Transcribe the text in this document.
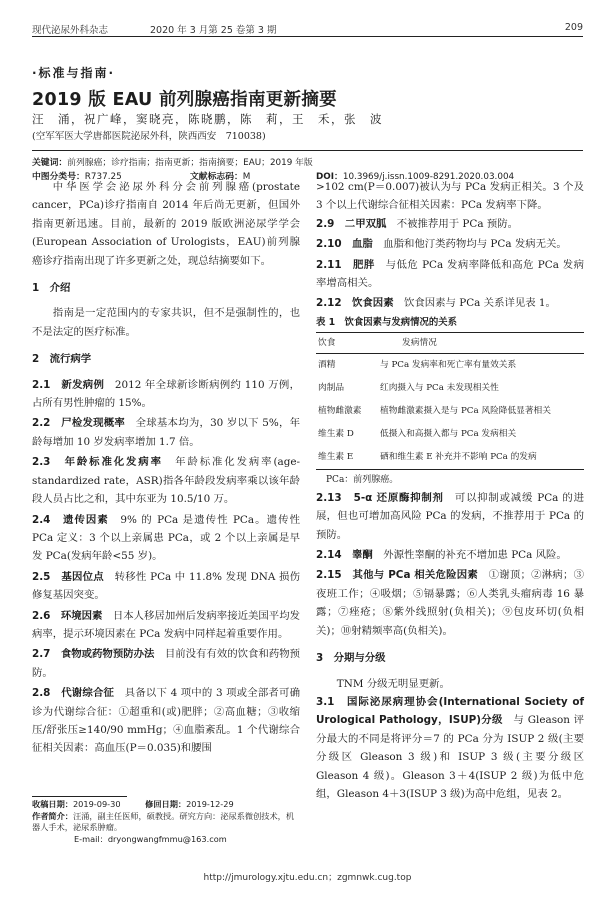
现代泌尿外科杂志	2020 年 3 月第 25 卷第 3 期	209
·标准与指南·
2019 版 EAU 前列腺癌指南更新摘要
汪　涌，祝广峰，窦晓亮，陈晓鹏，陈　莉，王　禾，张　波
(空军军医大学唐都医院泌尿外科，陕西西安　710038)
关键词：前列腺癌；诊疗指南；指南更新；指南摘要；EAU；2019 年版
中图分类号：R737.25	文献标志码：M	DOI：10.3969/j.issn.1009-8291.2020.03.004

中华医学会泌尿外科分会前列腺癌(prostate cancer，PCa)诊疗指南自 2014 年后尚无更新，但国外指南更新迅速。目前，最新的 2019 版欧洲泌尿学学会(European Association of Urologists，EAU)前列腺癌诊疗指南出现了许多更新之处，现总结摘要如下。

1　介绍

指南是一定范围内的专家共识，但不是强制性的，也不是法定的医疗标准。

2　流行病学

2.1　新发病例　2012 年全球新诊断病例约 110 万例，占所有男性肿瘤的 15%。

2.2　尸检发现概率　全球基本均为，30 岁以下 5%，年龄每增加 10 岁发病率增加 1.7 倍。

2.3　年龄标准化发病率　年龄标准化发病率(age-standardized rate，ASR)指各年龄段发病率乘以该年龄段人员占比之和，其中东亚为 10.5/10 万。

2.4　遗传因素　9% 的 PCa 是遗传性 PCa。遗传性 PCa 定义：3 个以上亲属患 PCa，或 2 个以上亲属是早发 PCa(发病年龄<55 岁)。

2.5　基因位点　转移性 PCa 中 11.8% 发现 DNA 损伤修复基因突变。

2.6　环境因素　日本人移居加州后发病率接近美国平均发病率，提示环境因素在 PCa 发病中同样起着重要作用。

2.7　食物或药物预防办法　目前没有有效的饮食和药物预防。

2.8　代谢综合征　具备以下 4 项中的 3 项或全部者可确诊为代谢综合征：①超重和(或)肥胖；②高血糖；③收缩压/舒张压≥140/90 mmHg；④血脂紊乱。1 个代谢综合征相关因素：高血压(P＝0.035)和腰围

收稿日期：2019-09-30　　　	修回日期：2019-12-29

作者简介：汪涌，副主任医师，硕教授。研究方向：泌尿系微创技术，机器人手术，泌尿系肿瘤。

E-mail：dryongwangfmmu@163.com

>102 cm(P＝0.007)被认为与 PCa 发病正相关。3 个及 3 个以上代谢综合征相关因素：PCa 发病率下降。

2.9　二甲双胍　不被推荐用于 PCa 预防。

2.10　血脂　血脂和他汀类药物均与 PCa 发病无关。

2.11　肥胖　与低危 PCa 发病率降低和高危 PCa 发病率增高相关。

2.12　饮食因素　饮食因素与 PCa 关系详见表 1。

表 1　饮食因素与发病情况的关系

饮食	发病情况
酒精	与 PCa 发病率和死亡率有量效关系
肉制品	红肉摄入与 PCa 未发现相关性
植物雌激素	植物雌激素摄入是与 PCa 风险降低显著相关
维生素 D	低摄入和高摄入都与 PCa 发病相关
维生素 E	硒和维生素 E 补充并不影响 PCa 的发病

PCa：前列腺癌。

2.13　5-α 还原酶抑制剂　可以抑制或减缓 PCa 的进展，但也可增加高风险 PCa 的发病，不推荐用于 PCa 的预防。

2.14　睾酮　外源性睾酮的补充不增加患 PCa 风险。

2.15　其他与 PCa 相关危险因素　①谢顶；②淋病；③夜班工作；④吸烟；⑤镉暴露；⑥人类乳头瘤病毒 16 暴露；⑦痤疮；⑧紫外线照射(负相关)；⑨包皮环切(负相关)；⑩射精频率高(负相关)。

3　分期与分级

TNM 分级无明显更新。

3.1　国际泌尿病理协会(International Society of Urological Pathology，ISUP)分级　与 Gleason 评分最大的不同是将评分＝7 的 PCa 分为 ISUP 2 级(主要分级区 Gleason 3 级)和 ISUP 3 级(主要分级区 Gleason 4 级)。Gleason 3＋4(ISUP 2 级)为低中危组，Gleason 4＋3(ISUP 3 级)为高中危组，见表 2。

http://jmurology.xjtu.edu.cn；zgmnwk.cug.top
